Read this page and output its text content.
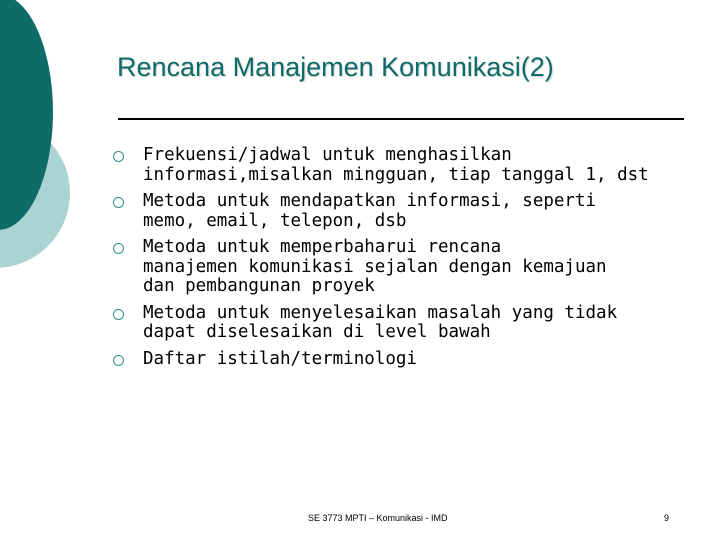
Rencana Manajemen Komunikasi(2)
Frekuensi/jadwal untuk menghasilkan
informasi,misalkan mingguan, tiap tanggal 1, dst
Metoda untuk mendapatkan informasi, seperti
memo, email, telepon, dsb
Metoda untuk memperbaharui rencana
manajemen komunikasi sejalan dengan kemajuan
dan pembangunan proyek
Metoda untuk menyelesaikan masalah yang tidak
dapat diselesaikan di level bawah
Daftar istilah/terminologi
SE 3773 MPTI – Komunikasi - IMD	9
